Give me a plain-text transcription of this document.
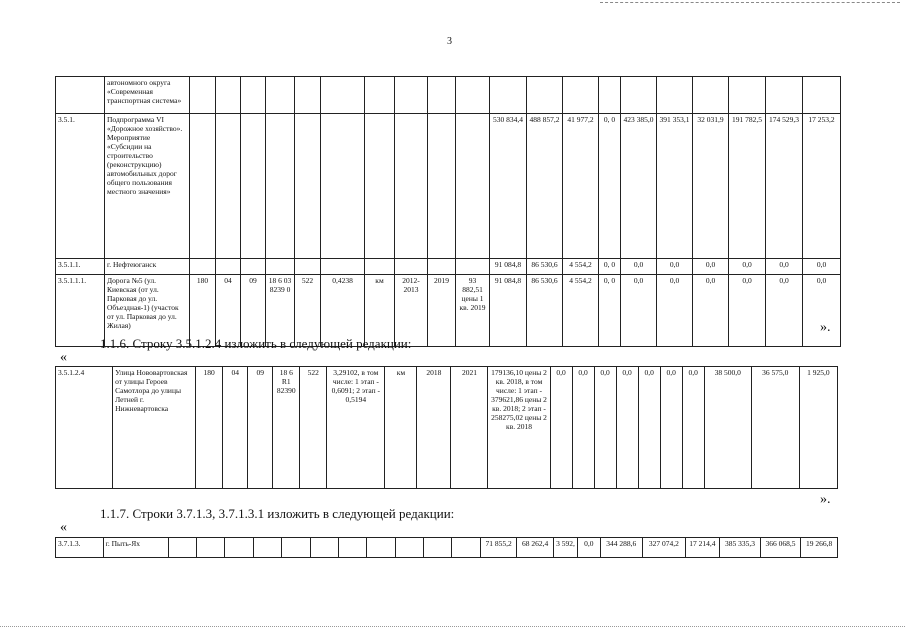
3
	автономного округа «Современная транспортная система»																				
3.5.1.	Подпрограмма VI «Дорожное хозяйство». Мероприятие «Субсидии на строительство (реконструкцию) автомобильных дорог общего пользования местного значения»											530 834,4	488 857,2	41 977,2	0, 0	423 385,0	391 353,1	32 031,9	191 782,5	174 529,3	17 253,2
3.5.1.1.	г. Нефтеюганск											91 084,8	86 530,6	4 554,2	0, 0	0,0	0,0	0,0	0,0	0,0	0,0
3.5.1.1.1.	Дорога №5 (ул. Киевская (от ул. Парковая до ул. Объездная-1) (участок от ул. Парковая до ул. Жилая)	180	04	09	18 6 03 8239 0	522	0,4238	км	2012-2013	2019	93 882,51 цены 1 кв. 2019	91 084,8	86 530,6	4 554,2	0, 0	0,0	0,0	0,0	0,0	0,0	0,0
».
1.1.6. Строку 3.5.1.2.4 изложить в следующей редакции:
«
3.5.1.2.4	Улица Нововартовская от улицы Героев Самотлора до улицы Летней г. Нижневартовска	180	04	09	18 6 R1 82390	522	3,29102, в том числе: 1 этап - 0,6091; 2 этап - 0,5194	км	2018	2021	179136,10 цены 2 кв. 2018, в том числе: 1 этап - 379621,86 цены 2 кв. 2018; 2 этап - 258275,02 цены 2 кв. 2018	0,0	0,0	0,0	0,0	0,0	0,0	0,0	38 500,0	36 575,0	1 925,0
».
1.1.7. Строки 3.7.1.3, 3.7.1.3.1 изложить в следующей редакции:
«
3.7.1.3.	г. Пыть-Ях												71 855,2	68 262,4	3 592,	0,0	344 288,6	327 074,2	17 214,4	385 335,3	366 068,5	19 266,8
